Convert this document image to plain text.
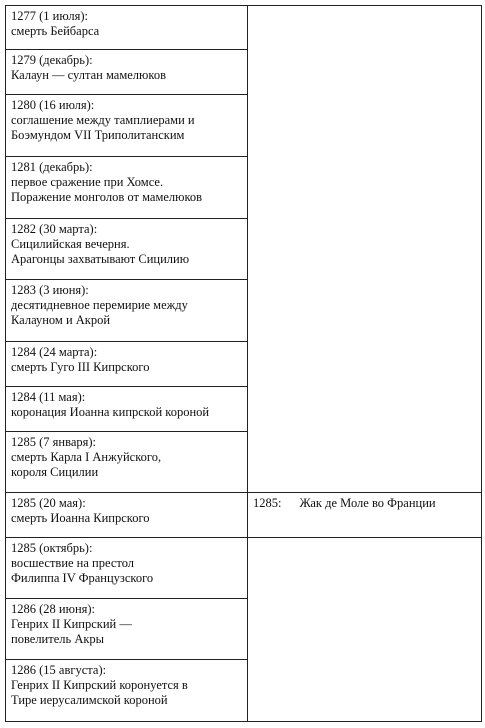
1277 (1 июля):
смерть Бейбарса	

1279 (декабрь):
Калаун — султан мамелюков	

1280 (16 июля):
соглашение между тамплиерами и
Боэмундом VII Триполитанским	

1281 (декабрь):
первое сражение при Хомсе.
Поражение монголов от мамелюков	

1282 (30 марта):
Сицилийская вечерня.
Арагонцы захватывают Сицилию	

1283 (3 июня):
десятидневное перемирие между
Калауном и Акрой	

1284 (24 марта):
смерть Гуго III Кипрского	

1284 (11 мая):
коронация Иоанна кипрской короной	

1285 (7 января):
смерть Карла I Анжуйского,
короля Сицилии	

1285 (20 мая):
смерть Иоанна Кипрского	1285: Жак де Моле во Франции

1285 (октябрь):
восшествие на престол
Филиппа IV Французского	

1286 (28 июня):
Генрих II Кипрский —
повелитель Акры	

1286 (15 августа):
Генрих II Кипрский коронуется в
Тире иерусалимской короной	
